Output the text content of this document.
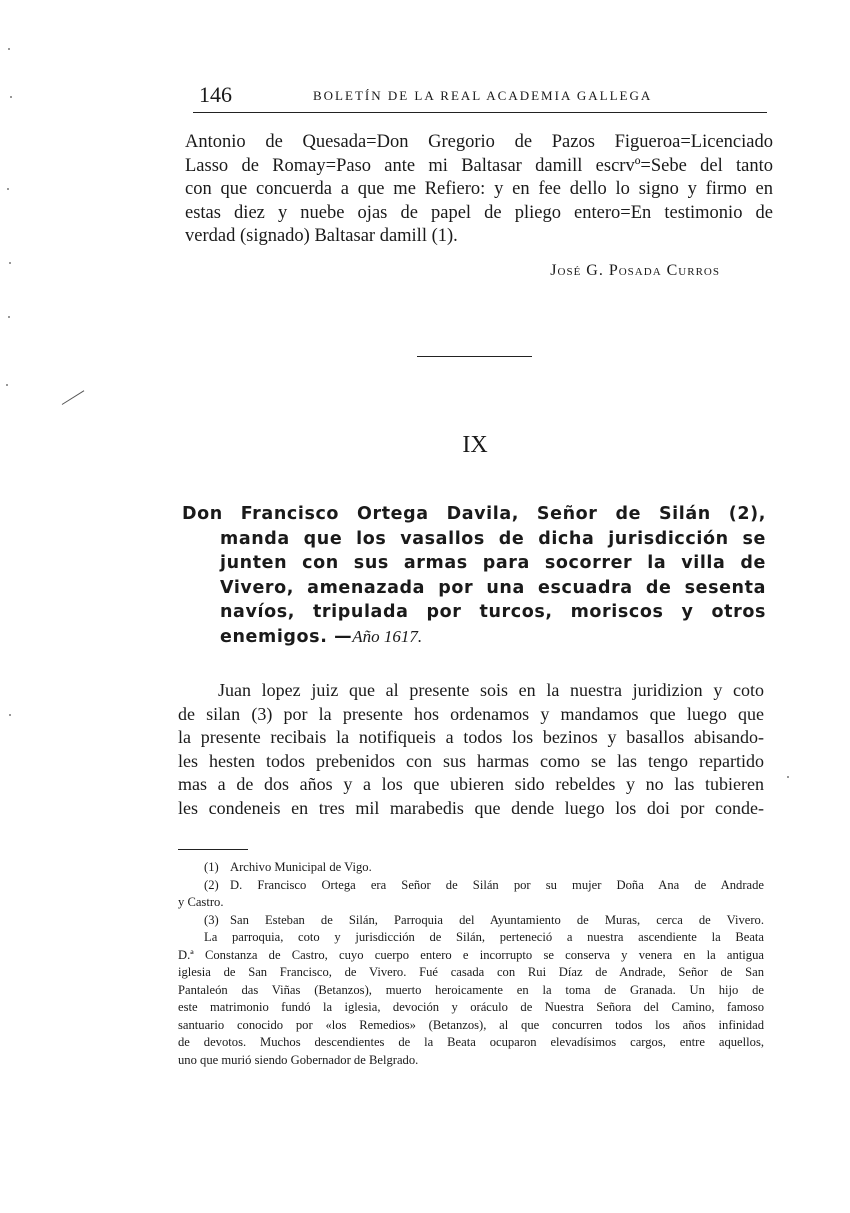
146	BOLETÍN DE LA REAL ACADEMIA GALLEGA
Antonio de Quesada=Don Gregorio de Pazos Figueroa=Licenciado
Lasso de Romay=Paso ante mi Baltasar damill escrvº=Sebe del tanto
con que concuerda a que me Refiero: y en fee dello lo signo y firmo en
estas diez y nuebe ojas de papel de pliego entero=En testimonio de
verdad (signado) Baltasar damill (1).
José G. Posada Curros
IX
Don Francisco Ortega Davila, Señor de Silán (2),
manda que los vasallos de dicha jurisdicción se
junten con sus armas para socorrer la villa de
Vivero, amenazada por una escuadra de sesenta
navíos, tripulada por turcos, moriscos y otros
enemigos. —Año 1617.
Juan lopez juiz que al presente sois en la nuestra juridizion y coto
de silan (3) por la presente hos ordenamos y mandamos que luego que
la presente recibais la notifiqueis a todos los bezinos y basallos abisando-
les hesten todos prebenidos con sus harmas como se las tengo repartido
mas a de dos años y a los que ubieren sido rebeldes y no las tubieren
les condeneis en tres mil marabedis que dende luego los doi por conde-
(1) Archivo Municipal de Vigo.
(2) D. Francisco Ortega era Señor de Silán por su mujer Doña Ana de Andrade
y Castro.
(3) San Esteban de Silán, Parroquia del Ayuntamiento de Muras, cerca de Vivero.
La parroquia, coto y jurisdicción de Silán, perteneció a nuestra ascendiente la Beata
D.ª Constanza de Castro, cuyo cuerpo entero e incorrupto se conserva y venera en la antigua
iglesia de San Francisco, de Vivero. Fué casada con Rui Díaz de Andrade, Señor de San
Pantaleón das Viñas (Betanzos), muerto heroicamente en la toma de Granada. Un hijo de
este matrimonio fundó la iglesia, devoción y oráculo de Nuestra Señora del Camino, famoso
santuario conocido por «los Remedios» (Betanzos), al que concurren todos los años infinidad
de devotos. Muchos descendientes de la Beata ocuparon elevadísimos cargos, entre aquellos,
uno que murió siendo Gobernador de Belgrado.
